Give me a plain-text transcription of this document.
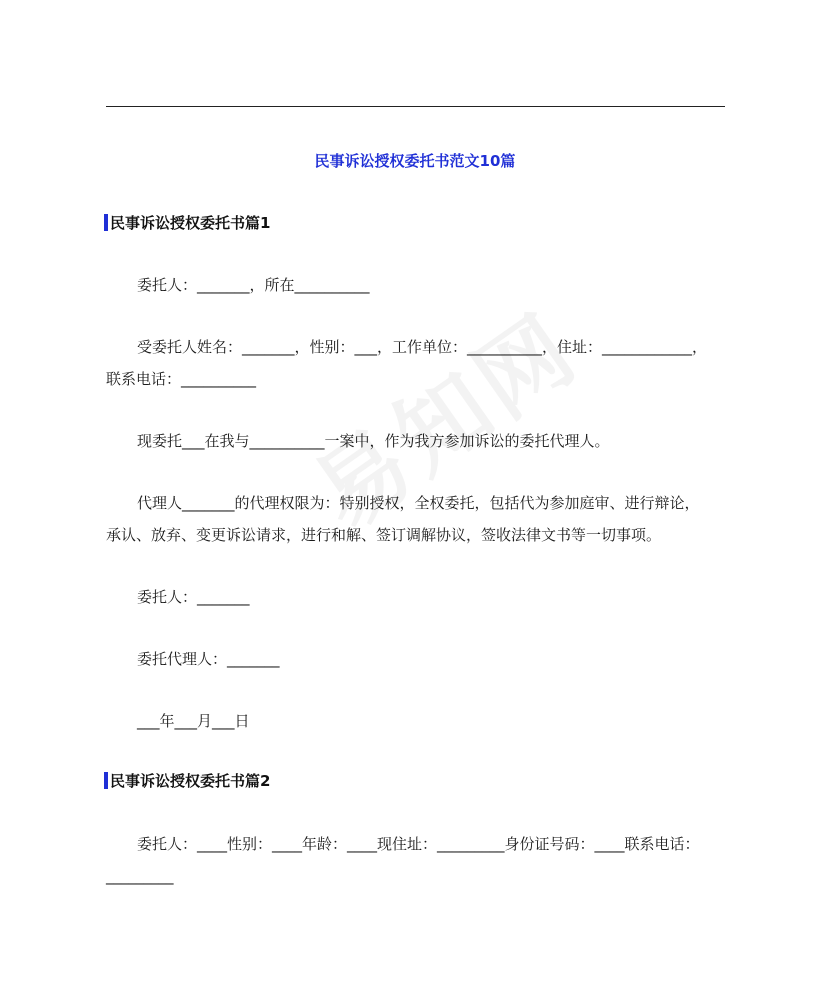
民事诉讼授权委托书范文10篇
民事诉讼授权委托书篇1
委托人：_______，所在__________
受委托人姓名：_______，性别：___，工作单位：__________，住址：____________，
联系电话：__________
现委托___在我与__________一案中，作为我方参加诉讼的委托代理人。
代理人_______的代理权限为：特别授权，全权委托，包括代为参加庭审、进行辩论，
承认、放弃、变更诉讼请求，进行和解、签订调解协议，签收法律文书等一切事项。
委托人：_______
委托代理人：_______
___年___月___日
民事诉讼授权委托书篇2
委托人：____性别：____年龄：____现住址：_________身份证号码：____联系电话：
_________
